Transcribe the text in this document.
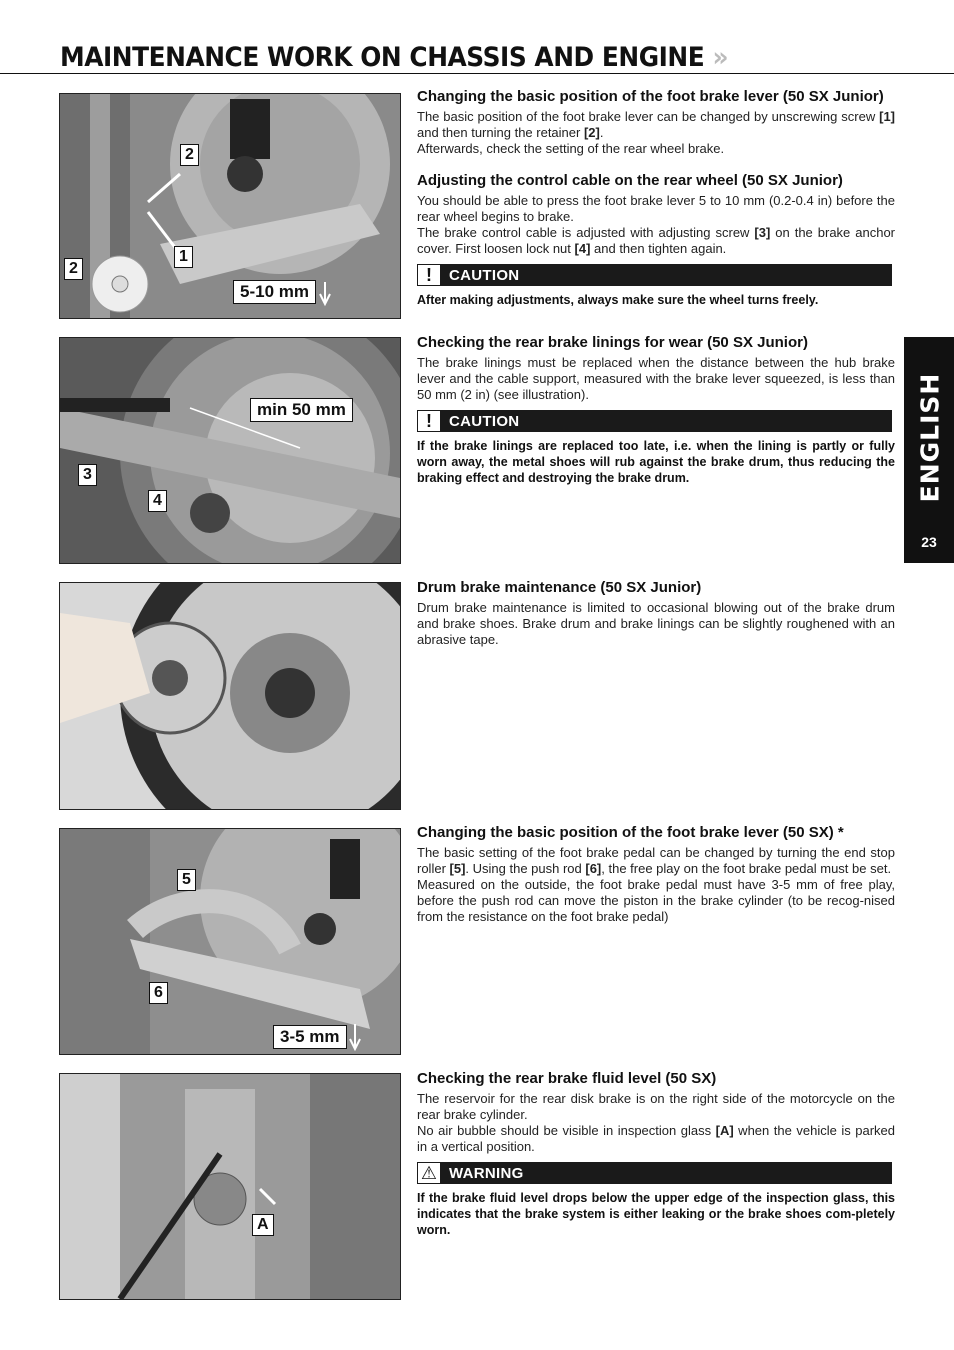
MAINTENANCE WORK ON CHASSIS AND ENGINE »
ENGLISH
23
2
1
2
5-10 mm
min 50 mm
3
4
5
6
3-5 mm
A
Changing the basic position of the foot brake lever (50 SX Junior)

The basic position of the foot brake lever can be changed by unscrewing screw [1] and then turning the retainer [2].

Afterwards, check the setting of the rear wheel brake.

Adjusting the control cable on the rear wheel (50 SX Junior)

You should be able to press the foot brake lever 5 to 10 mm (0.2-0.4 in) before the rear wheel begins to brake.

The brake control cable is adjusted with adjusting screw [3] on the brake anchor cover. First loosen lock nut [4] and then tighten again.

!	CAUTION

After making adjustments, always make sure the wheel turns freely.

Checking the rear brake linings for wear (50 SX Junior)

The brake linings must be replaced when the distance between the hub brake lever and the cable support, measured with the brake lever squeezed, is less than 50 mm (2 in) (see illustration).

!	CAUTION

If the brake linings are replaced too late, i.e. when the lining is partly or fully worn away, the metal shoes will rub against the brake drum, thus reducing the braking effect and destroying the brake drum.

Drum brake maintenance (50 SX Junior)

Drum brake maintenance is limited to occasional blowing out of the brake drum and brake shoes. Brake drum and brake linings can be slightly roughened with an abrasive tape.

Changing the basic position of the foot brake lever (50 SX) *

The basic setting of the foot brake pedal can be changed by turning the end stop roller [5]. Using the push rod [6], the free play on the foot brake pedal must be set.

Measured on the outside, the foot brake pedal must have 3-5 mm of free play, before the push rod can move the piston in the brake cylinder (to be recog-nised from the resistance on the foot brake pedal)

Checking the rear brake fluid level (50 SX)

The reservoir for the rear disk brake is on the right side of the motorcycle on the rear brake cylinder.

No air bubble should be visible in inspection glass [A] when the vehicle is parked in a vertical position.

⚠ WARNING

If the brake fluid level drops below the upper edge of the inspection glass, this indicates that the brake system is either leaking or the brake shoes com-pletely worn.
